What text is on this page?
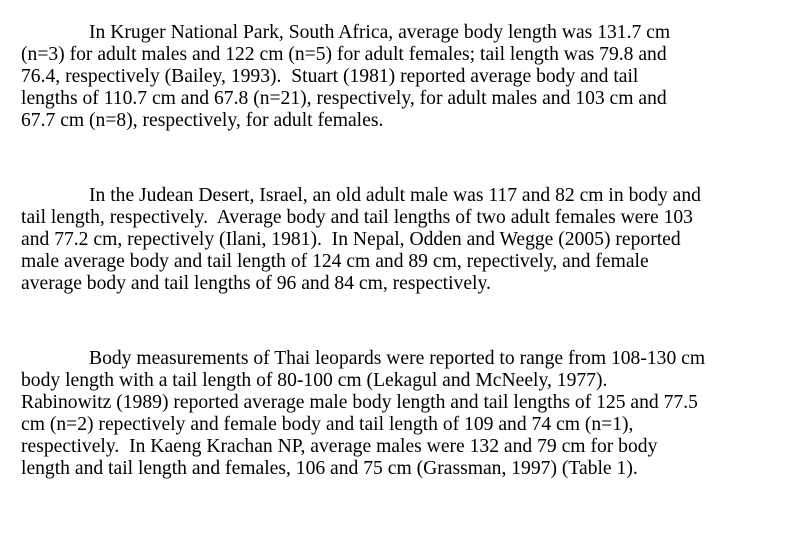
In Kruger National Park, South Africa, average body length was 131.7 cm
(n=3) for adult males and 122 cm (n=5) for adult females; tail length was 79.8 and
76.4, respectively (Bailey, 1993).  Stuart (1981) reported average body and tail
lengths of 110.7 cm and 67.8 (n=21), respectively, for adult males and 103 cm and
67.7 cm (n=8), respectively, for adult females.
In the Judean Desert, Israel, an old adult male was 117 and 82 cm in body and
tail length, respectively.  Average body and tail lengths of two adult females were 103
and 77.2 cm, repectively (Ilani, 1981).  In Nepal, Odden and Wegge (2005) reported
male average body and tail length of 124 cm and 89 cm, repectively, and female
average body and tail lengths of 96 and 84 cm, respectively.
Body measurements of Thai leopards were reported to range from 108-130 cm
body length with a tail length of 80-100 cm (Lekagul and McNeely, 1977).
Rabinowitz (1989) reported average male body length and tail lengths of 125 and 77.5
cm (n=2) repectively and female body and tail length of 109 and 74 cm (n=1),
respectively.  In Kaeng Krachan NP, average males were 132 and 79 cm for body
length and tail length and females, 106 and 75 cm (Grassman, 1997) (Table 1).
